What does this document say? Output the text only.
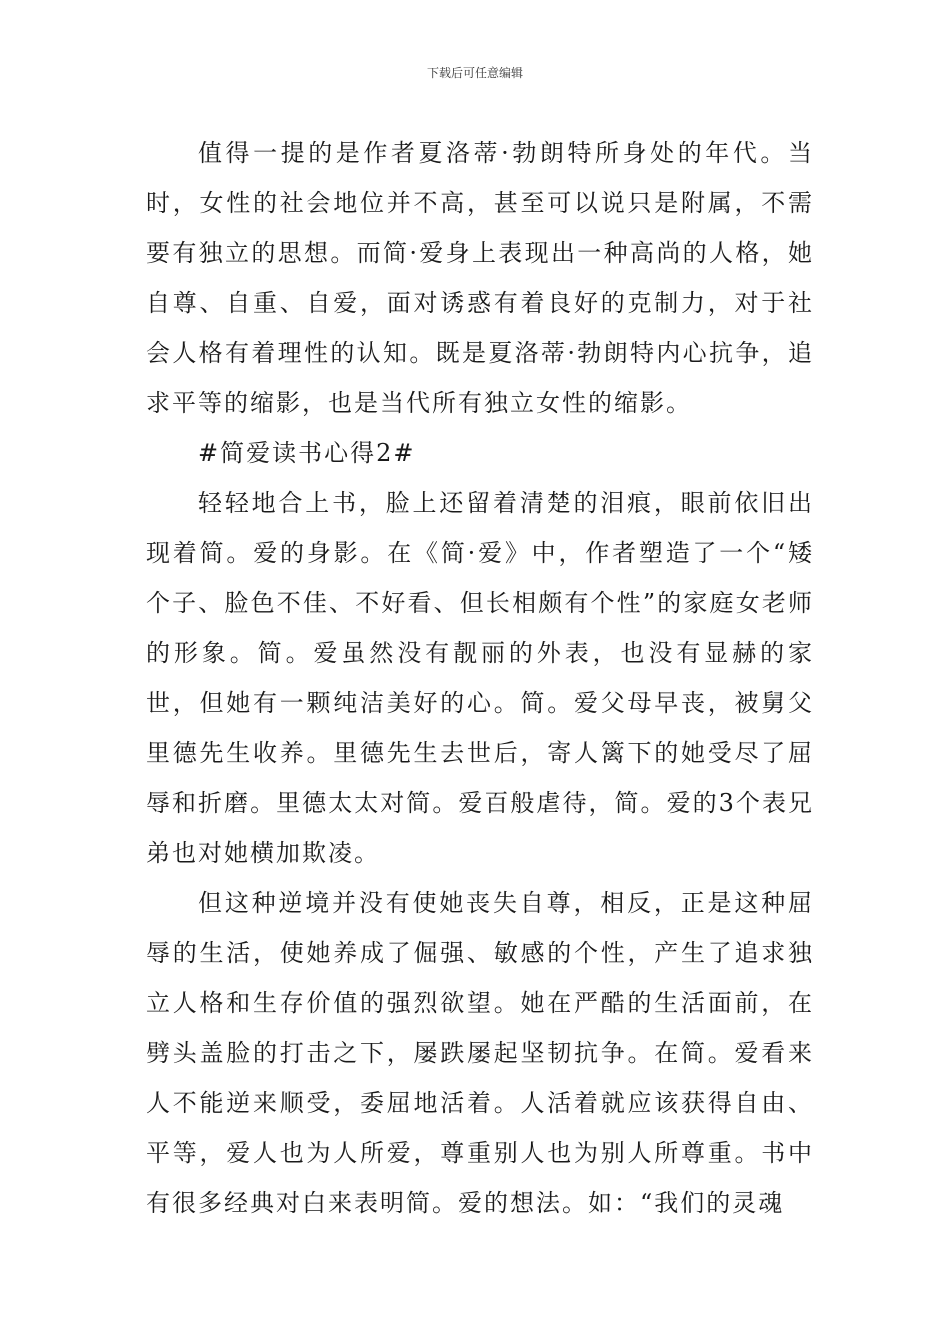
下载后可任意编辑

值得一提的是作者夏洛蒂·勃朗特所身处的年代。当时，女性的社会地位并不高，甚至可以说只是附属，不需要有独立的思想。而简·爱身上表现出一种高尚的人格，她自尊、自重、自爱，面对诱惑有着良好的克制力，对于社会人格有着理性的认知。既是夏洛蒂·勃朗特内心抗争，追求平等的缩影，也是当代所有独立女性的缩影。

#简爱读书心得2#

轻轻地合上书，脸上还留着清楚的泪痕，眼前依旧出现着简。爱的身影。在《简·爱》中，作者塑造了一个“矮个子、脸色不佳、不好看、但长相颇有个性”的家庭女老师的形象。简。爱虽然没有靓丽的外表，也没有显赫的家世，但她有一颗纯洁美好的心。简。爱父母早丧，被舅父里德先生收养。里德先生去世后，寄人篱下的她受尽了屈辱和折磨。里德太太对简。爱百般虐待，简。爱的3个表兄弟也对她横加欺凌。

但这种逆境并没有使她丧失自尊，相反，正是这种屈辱的生活，使她养成了倔强、敏感的个性，产生了追求独立人格和生存价值的强烈欲望。她在严酷的生活面前，在劈头盖脸的打击之下，屡跌屡起坚韧抗争。在简。爱看来人不能逆来顺受，委屈地活着。人活着就应该获得自由、平等，爱人也为人所爱，尊重别人也为别人所尊重。书中有很多经典对白来表明简。爱的想法。如：“我们的灵魂
